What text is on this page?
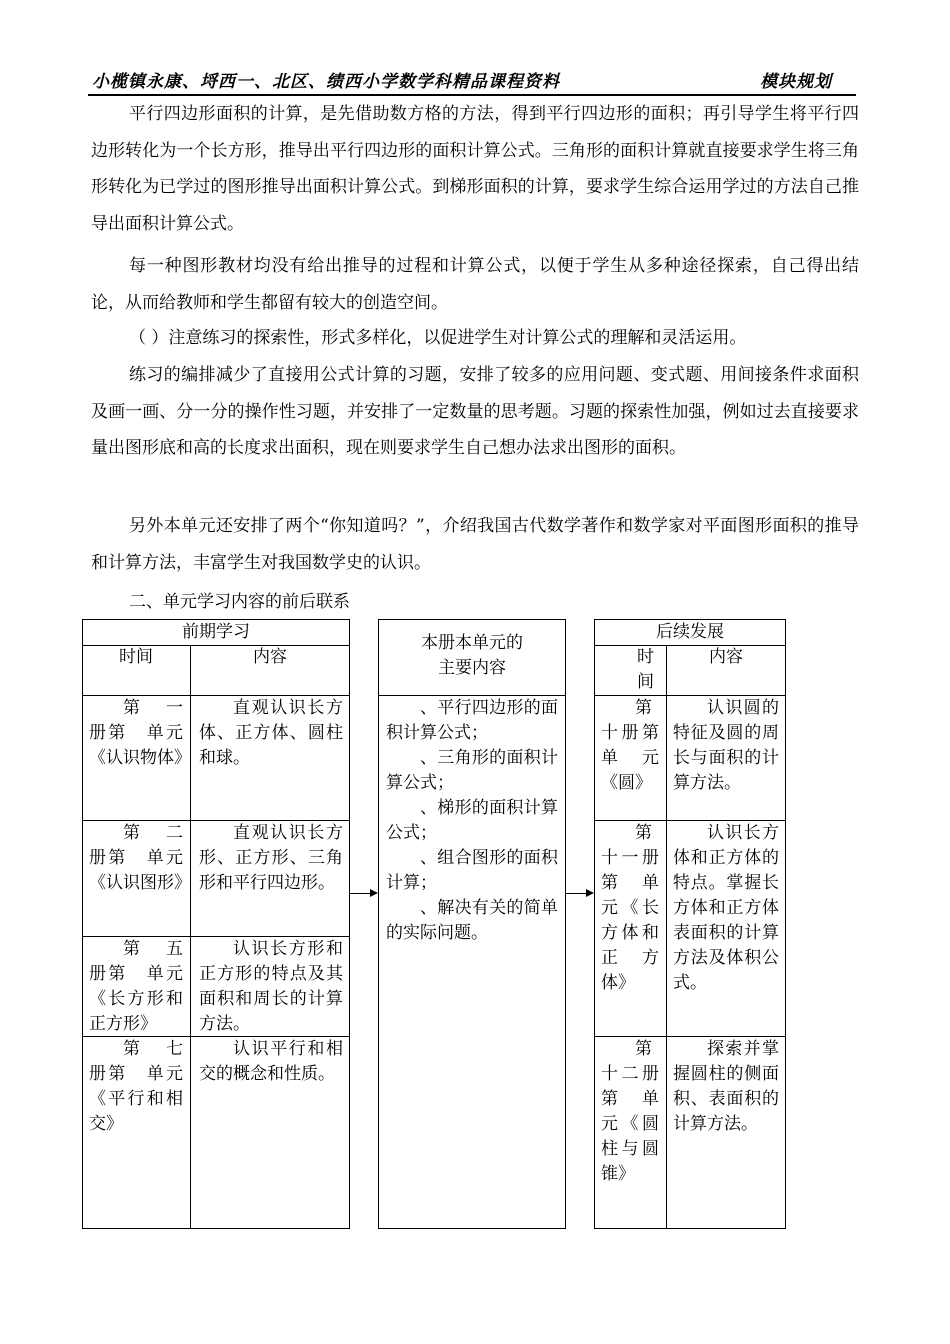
小榄镇永康、埒西一、北区、绩西小学数学科精品课程资料	模块规划

平行四边形面积的计算，是先借助数方格的方法，得到平行四边形的面积；再引导学生将平行四边形转化为一个长方形，推导出平行四边形的面积计算公式。三角形的面积计算就直接要求学生将三角形转化为已学过的图形推导出面积计算公式。到梯形面积的计算，要求学生综合运用学过的方法自己推导出面积计算公式。

每一种图形教材均没有给出推导的过程和计算公式，以便于学生从多种途径探索，自己得出结论，从而给教师和学生都留有较大的创造空间。

（ ）注意练习的探索性，形式多样化，以促进学生对计算公式的理解和灵活运用。

练习的编排减少了直接用公式计算的习题，安排了较多的应用问题、变式题、用间接条件求面积及画一画、分一分的操作性习题，并安排了一定数量的思考题。习题的探索性加强，例如过去直接要求量出图形底和高的长度求出面积，现在则要求学生自己想办法求出图形的面积。

另外本单元还安排了两个“你知道吗？”，介绍我国古代数学著作和数学家对平面图形面积的推导和计算方法，丰富学生对我国数学史的认识。

二、单元学习内容的前后联系

前期学习
时间	内容
第　一册第　单元《认识物体》
直观认识长方体、正方体、圆柱和球。
第　二册第　单元《认识图形》
直观认识长方形、正方形、三角形和平行四边形。
第　五册第　单元《长方形和正方形》
认识长方形和正方形的特点及其面积和周长的计算方法。
第　七册第　单元《平行和相交》
认识平行和相交的概念和性质。
本册本单元的
主要内容
、平行四边形的面积计算公式；
、三角形的面积计算公式；
、梯形的面积计算公式；
、组合图形的面积计算；
、解决有关的简单的实际问题。
后续发展
时
间
内容
第十册第　单元《圆》
认识圆的特征及圆的周长与面积的计算方法。
第十一册第　单元《长方体和正方体》
认识长方体和正方体的特点。掌握长方体和正方体表面积的计算方法及体积公式。
第十二册第　单元《圆柱与圆锥》
探索并掌握圆柱的侧面积、表面积的计算方法。
